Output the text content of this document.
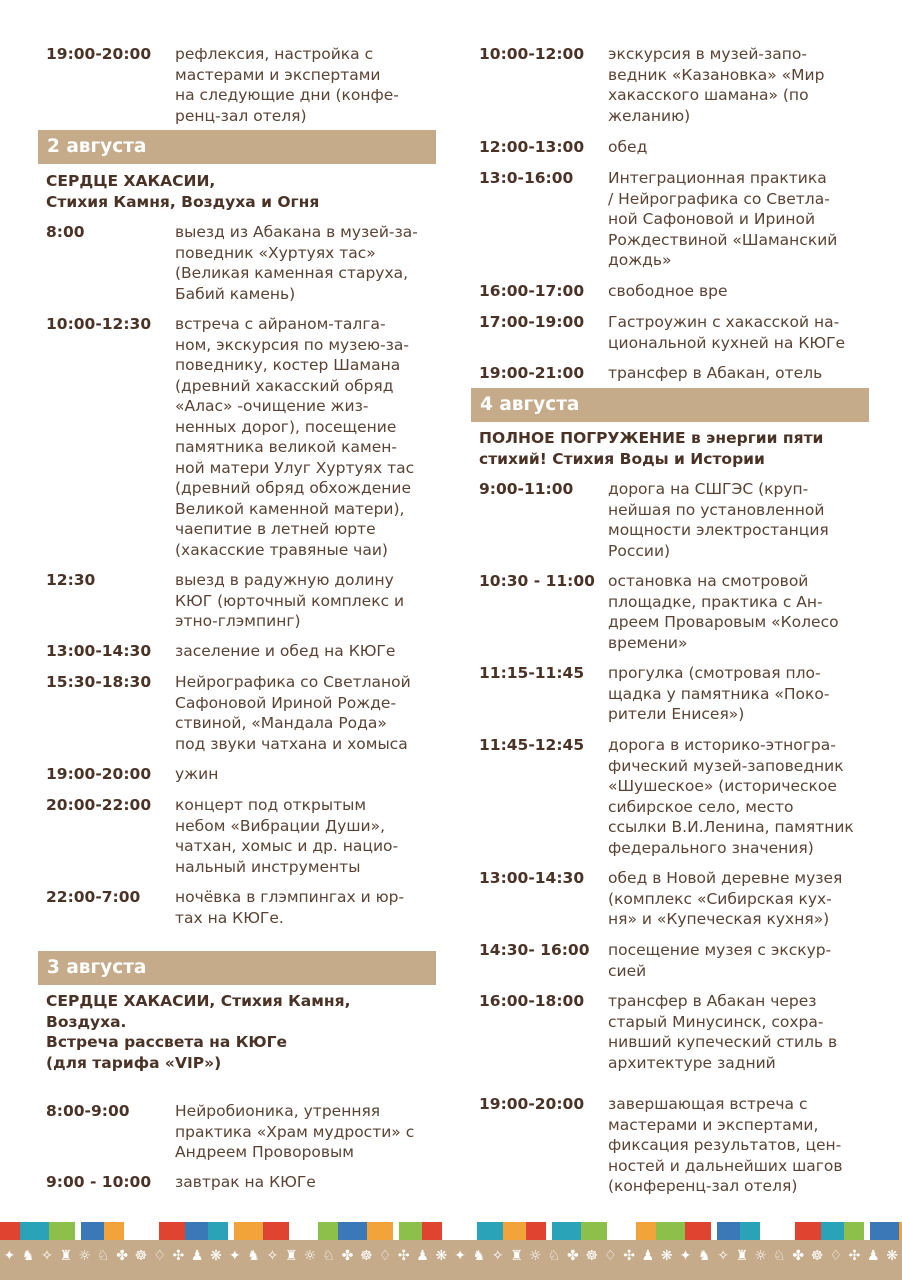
19:00-20:00	рефлексия, настройка с
мастерами и экспертами
на следующие дни (конфе-
ренц-зал отеля)
2 августа
СЕРДЦЕ ХАКАСИИ,
Стихия Камня, Воздуха и Огня
8:00	выезд из Абакана в музей-за-
поведник «Хуртуях тас»
(Великая каменная старуха,
Бабий камень)
10:00-12:30	встреча с айраном-талга-
ном, экскурсия по музею-за-
поведнику, костер Шамана
(древний хакасский обряд
«Алас» -очищение жиз-
ненных дорог), посещение
памятника великой камен-
ной матери Улуг Хуртуях тас
(древний обряд обхождение
Великой каменной матери),
чаепитие в летней юрте
(хакасские травяные чаи)
12:30	выезд в радужную долину
КЮГ (юрточный комплекс и
этно-глэмпинг)
13:00-14:30	заселение и обед на КЮГе
15:30-18:30	Нейрографика со Светланой
Сафоновой Ириной Рожде-
ствиной, «Мандала Рода»
под звуки чатхана и хомыса
19:00-20:00	ужин
20:00-22:00	концерт под открытым
небом «Вибрации Души»,
чатхан, хомыс и др. нацио-
нальный инструменты
22:00-7:00	ночёвка в глэмпингах и юр-
тах на КЮГе.
3 августа
СЕРДЦЕ ХАКАСИИ, Стихия Камня,
Воздуха.
Встреча рассвета на КЮГе
(для тарифа «VIP»)
8:00-9:00	Нейробионика, утренняя
практика «Храм мудрости» с
Андреем Проворовым
9:00 - 10:00	завтрак на КЮГе
10:00-12:00	экскурсия в музей-запо-
ведник «Казановка» «Мир
хакасского шамана» (по
желанию)
12:00-13:00	обед
13:0-16:00	Интеграционная практика
/ Нейрографика со Светла-
ной Сафоновой и Ириной
Рождествиной «Шаманский
дождь»
16:00-17:00	свободное вре
17:00-19:00	Гастроужин с хакасской на-
циональной кухней на КЮГе
19:00-21:00	трансфер в Абакан, отель
4 августа
ПОЛНОЕ ПОГРУЖЕНИЕ в энергии пяти
стихий! Стихия Воды и Истории
9:00-11:00	дорога на СШГЭС (круп-
нейшая по установленной
мощности электростанция
России)
10:30 - 11:00 остановка на смотровой
площадке, практика с Ан-
дреем Проваровым «Колесо
времени»
11:15-11:45	прогулка (смотровая пло-
щадка у памятника «Поко-
рители Енисея»)
11:45-12:45	дорога в историко-этногра-
фический музей-заповедник
«Шушеское» (историческое
сибирское село, место
ссылки В.И.Ленина, памятник
федерального значения)
13:00-14:30	обед в Новой деревне музея
(комплекс «Сибирская кух-
ня» и «Купеческая кухня»)
14:30- 16:00	посещение музея с экскур-
сией
16:00-18:00	трансфер в Абакан через
старый Минусинск, сохра-
нивший купеческий стиль в
архитектуре задний
19:00-20:00	завершающая встреча с
мастерами и экспертами,
фиксация результатов, цен-
ностей и дальнейших шагов
(конференц-зал отеля)
✦ ♞ ✧ ♜ ☼ ♘ ✤ ☸ ♢ ✣ ♟ ❋ ✦ ♞ ✧ ♜ ☼ ♘ ✤ ☸ ♢ ✣ ♟ ❋ ✦ ♞ ✧ ♜ ☼ ♘ ✤ ☸ ♢ ✣ ♟ ❋ ✦ ♞ ✧ ♜ ☼ ♘ ✤ ☸ ♢ ✣ ♟ ❋
